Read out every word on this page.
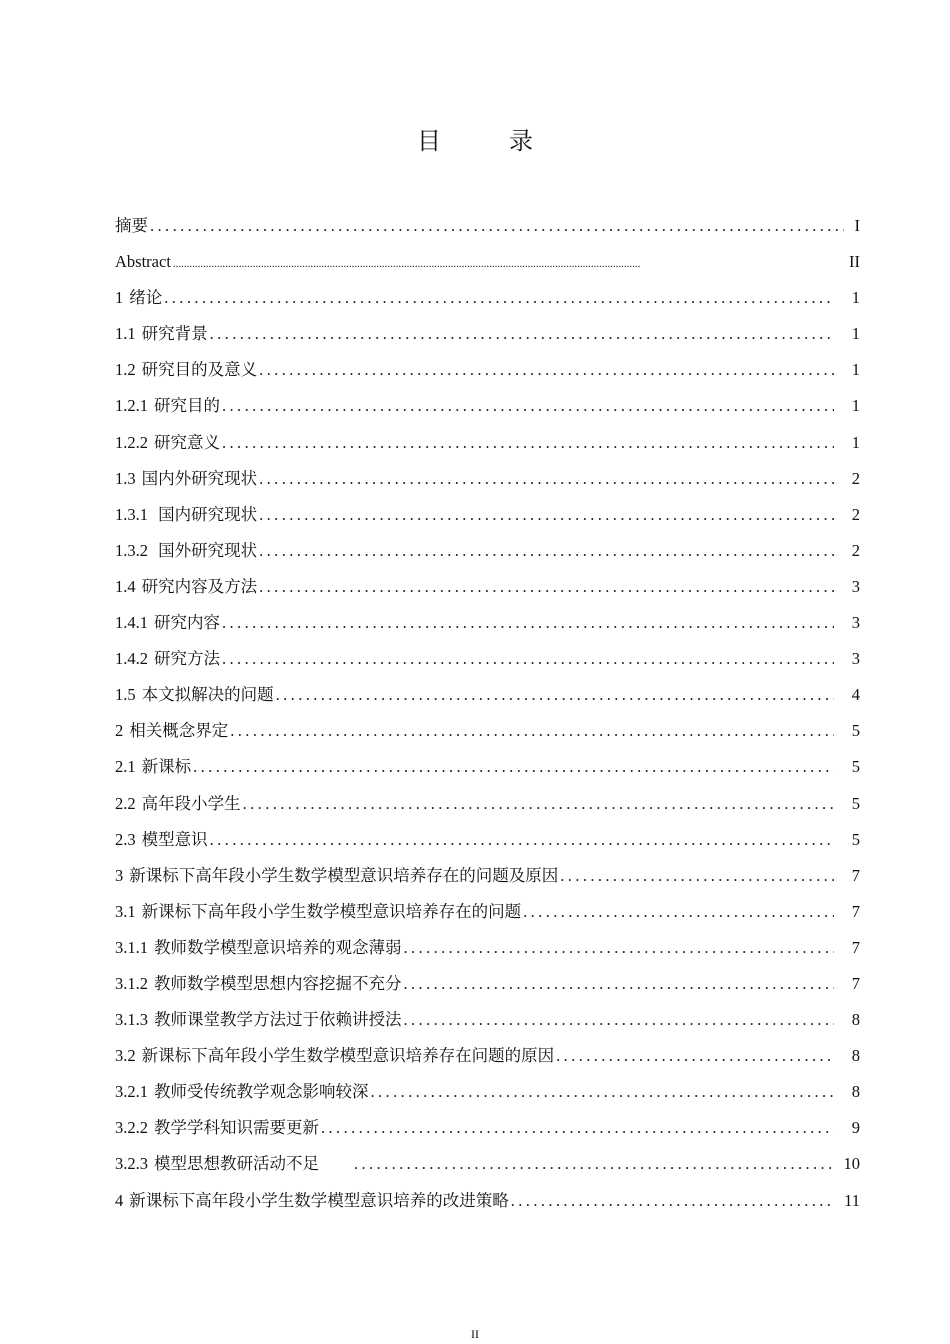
目　录
摘要 .....	I
Abstract .....	II
1 绪论 .....	1
1.1 研究背景 .....	1
1.2 研究目的及意义 .....	1
1.2.1 研究目的 .....	1
1.2.2 研究意义 .....	1
1.3 国内外研究现状 .....	2
1.3.1 国内研究现状 .....	2
1.3.2 国外研究现状 .....	2
1.4 研究内容及方法 .....	3
1.4.1 研究内容 .....	3
1.4.2 研究方法 .....	3
1.5 本文拟解决的问题 .....	4
2 相关概念界定 .....	5
2.1 新课标 .....	5
2.2 高年段小学生 .....	5
2.3 模型意识 .....	5
3 新课标下高年段小学生数学模型意识培养存在的问题及原因 .....	7
3.1 新课标下高年段小学生数学模型意识培养存在的问题 .....	7
3.1.1 教师数学模型意识培养的观念薄弱 .....	7
3.1.2 教师数学模型思想内容挖掘不充分 .....	7
3.1.3 教师课堂教学方法过于依赖讲授法 .....	8
3.2 新课标下高年段小学生数学模型意识培养存在问题的原因 .....	8
3.2.1 教师受传统教学观念影响较深 .....	8
3.2.2 教学学科知识需要更新 .....	9
3.2.3 模型思想教研活动不足　　 .....	10
4 新课标下高年段小学生数学模型意识培养的改进策略 .....	11
II
